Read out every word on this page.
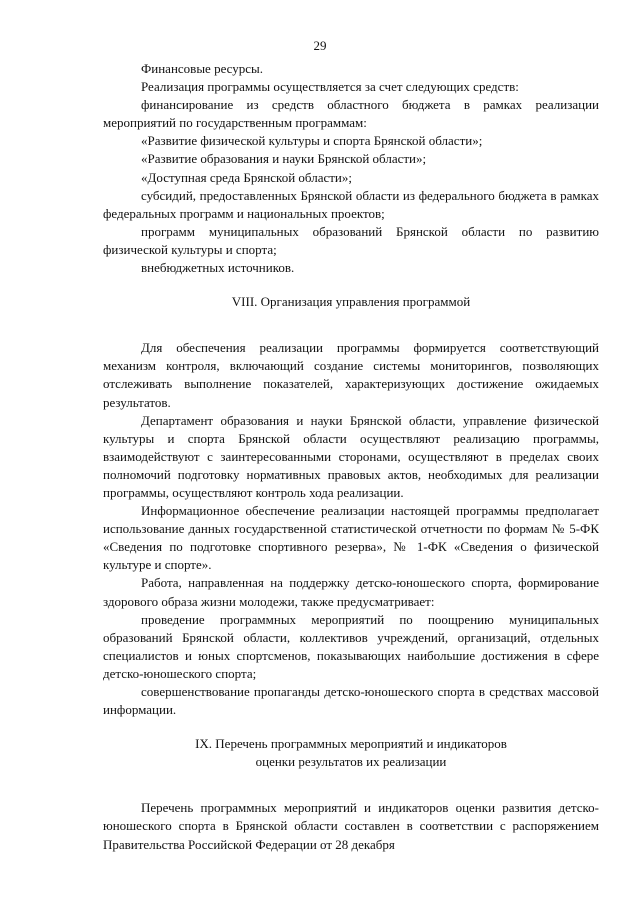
29

Финансовые ресурсы.

Реализация программы осуществляется за счет следующих средств:

финансирование из средств областного бюджета в рамках реализации мероприятий по государственным программам:

«Развитие физической культуры и спорта Брянской области»;

«Развитие образования и науки Брянской области»;

«Доступная среда Брянской области»;

субсидий, предоставленных Брянской области из федерального бюджета в рамках федеральных программ и национальных проектов;

программ муниципальных образований Брянской области по развитию физической культуры и спорта;

внебюджетных источников.

VIII. Организация управления программой

Для обеспечения реализации программы формируется соответствующий механизм контроля, включающий создание системы мониторингов, позволяющих отслеживать выполнение показателей, характеризующих достижение ожидаемых результатов.

Департамент образования и науки Брянской области, управление физической культуры и спорта Брянской области осуществляют реализацию программы, взаимодействуют с заинтересованными сторонами, осуществляют в пределах своих полномочий подготовку нормативных правовых актов, необходимых для реализации программы, осуществляют контроль хода реализации.

Информационное обеспечение реализации настоящей программы предполагает использование данных государственной статистической отчетности по формам № 5-ФК «Сведения по подготовке спортивного резерва», № 1-ФК «Сведения о физической культуре и спорте».

Работа, направленная на поддержку детско-юношеского спорта, формирование здорового образа жизни молодежи, также предусматривает:

проведение программных мероприятий по поощрению муниципальных образований Брянской области, коллективов учреждений, организаций, отдельных специалистов и юных спортсменов, показывающих наибольшие достижения в сфере детско-юношеского спорта;

совершенствование пропаганды детско-юношеского спорта в средствах массовой информации.

IX. Перечень программных мероприятий и индикаторов

оценки результатов их реализации

Перечень программных мероприятий и индикаторов оценки развития детско-юношеского спорта в Брянской области составлен в соответствии с распоряжением Правительства Российской Федерации от 28 декабря
